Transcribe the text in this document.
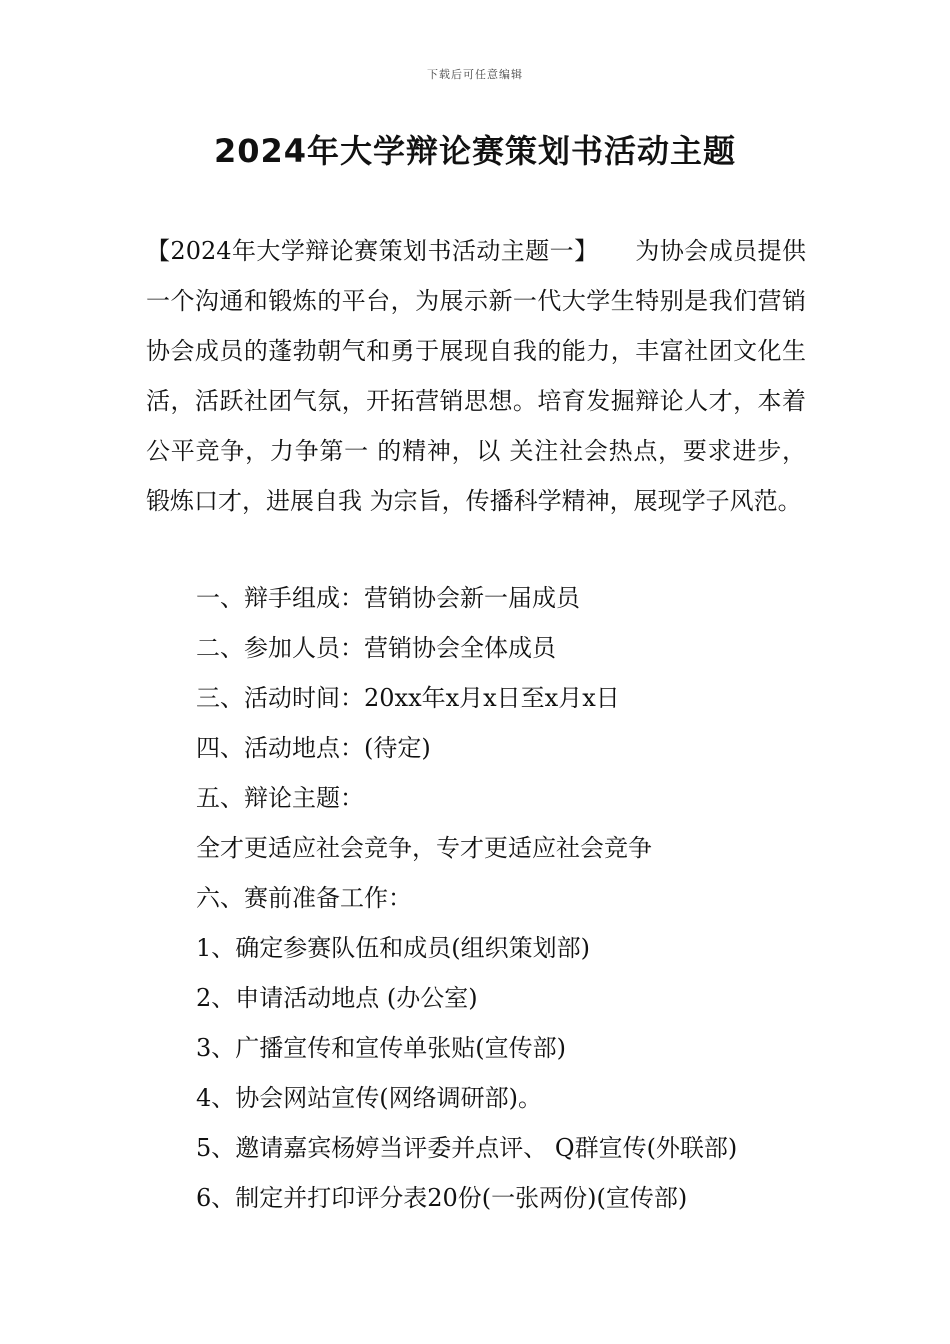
下载后可任意编辑
2024年大学辩论赛策划书活动主题

【2024年大学辩论赛策划书活动主题一】　　为协会成员提供一个沟通和锻炼的平台，为展示新一代大学生特别是我们营销协会成员的蓬勃朝气和勇于展现自我的能力，丰富社团文化生活，活跃社团气氛，开拓营销思想。培育发掘辩论人才，本着 公平竞争，力争第一 的精神，以 关注社会热点，要求进步，锻炼口才，进展自我 为宗旨，传播科学精神，展现学子风范。

一、辩手组成：营销协会新一届成员
二、参加人员：营销协会全体成员
三、活动时间：20xx年x月x日至x月x日
四、活动地点：(待定)
五、辩论主题：
全才更适应社会竞争，专才更适应社会竞争
六、赛前准备工作：
1、确定参赛队伍和成员(组织策划部)
2、申请活动地点 (办公室)
3、广播宣传和宣传单张贴(宣传部)
4、协会网站宣传(网络调研部)。
5、邀请嘉宾杨婷当评委并点评、 Q群宣传(外联部)
6、制定并打印评分表20份(一张两份)(宣传部)
